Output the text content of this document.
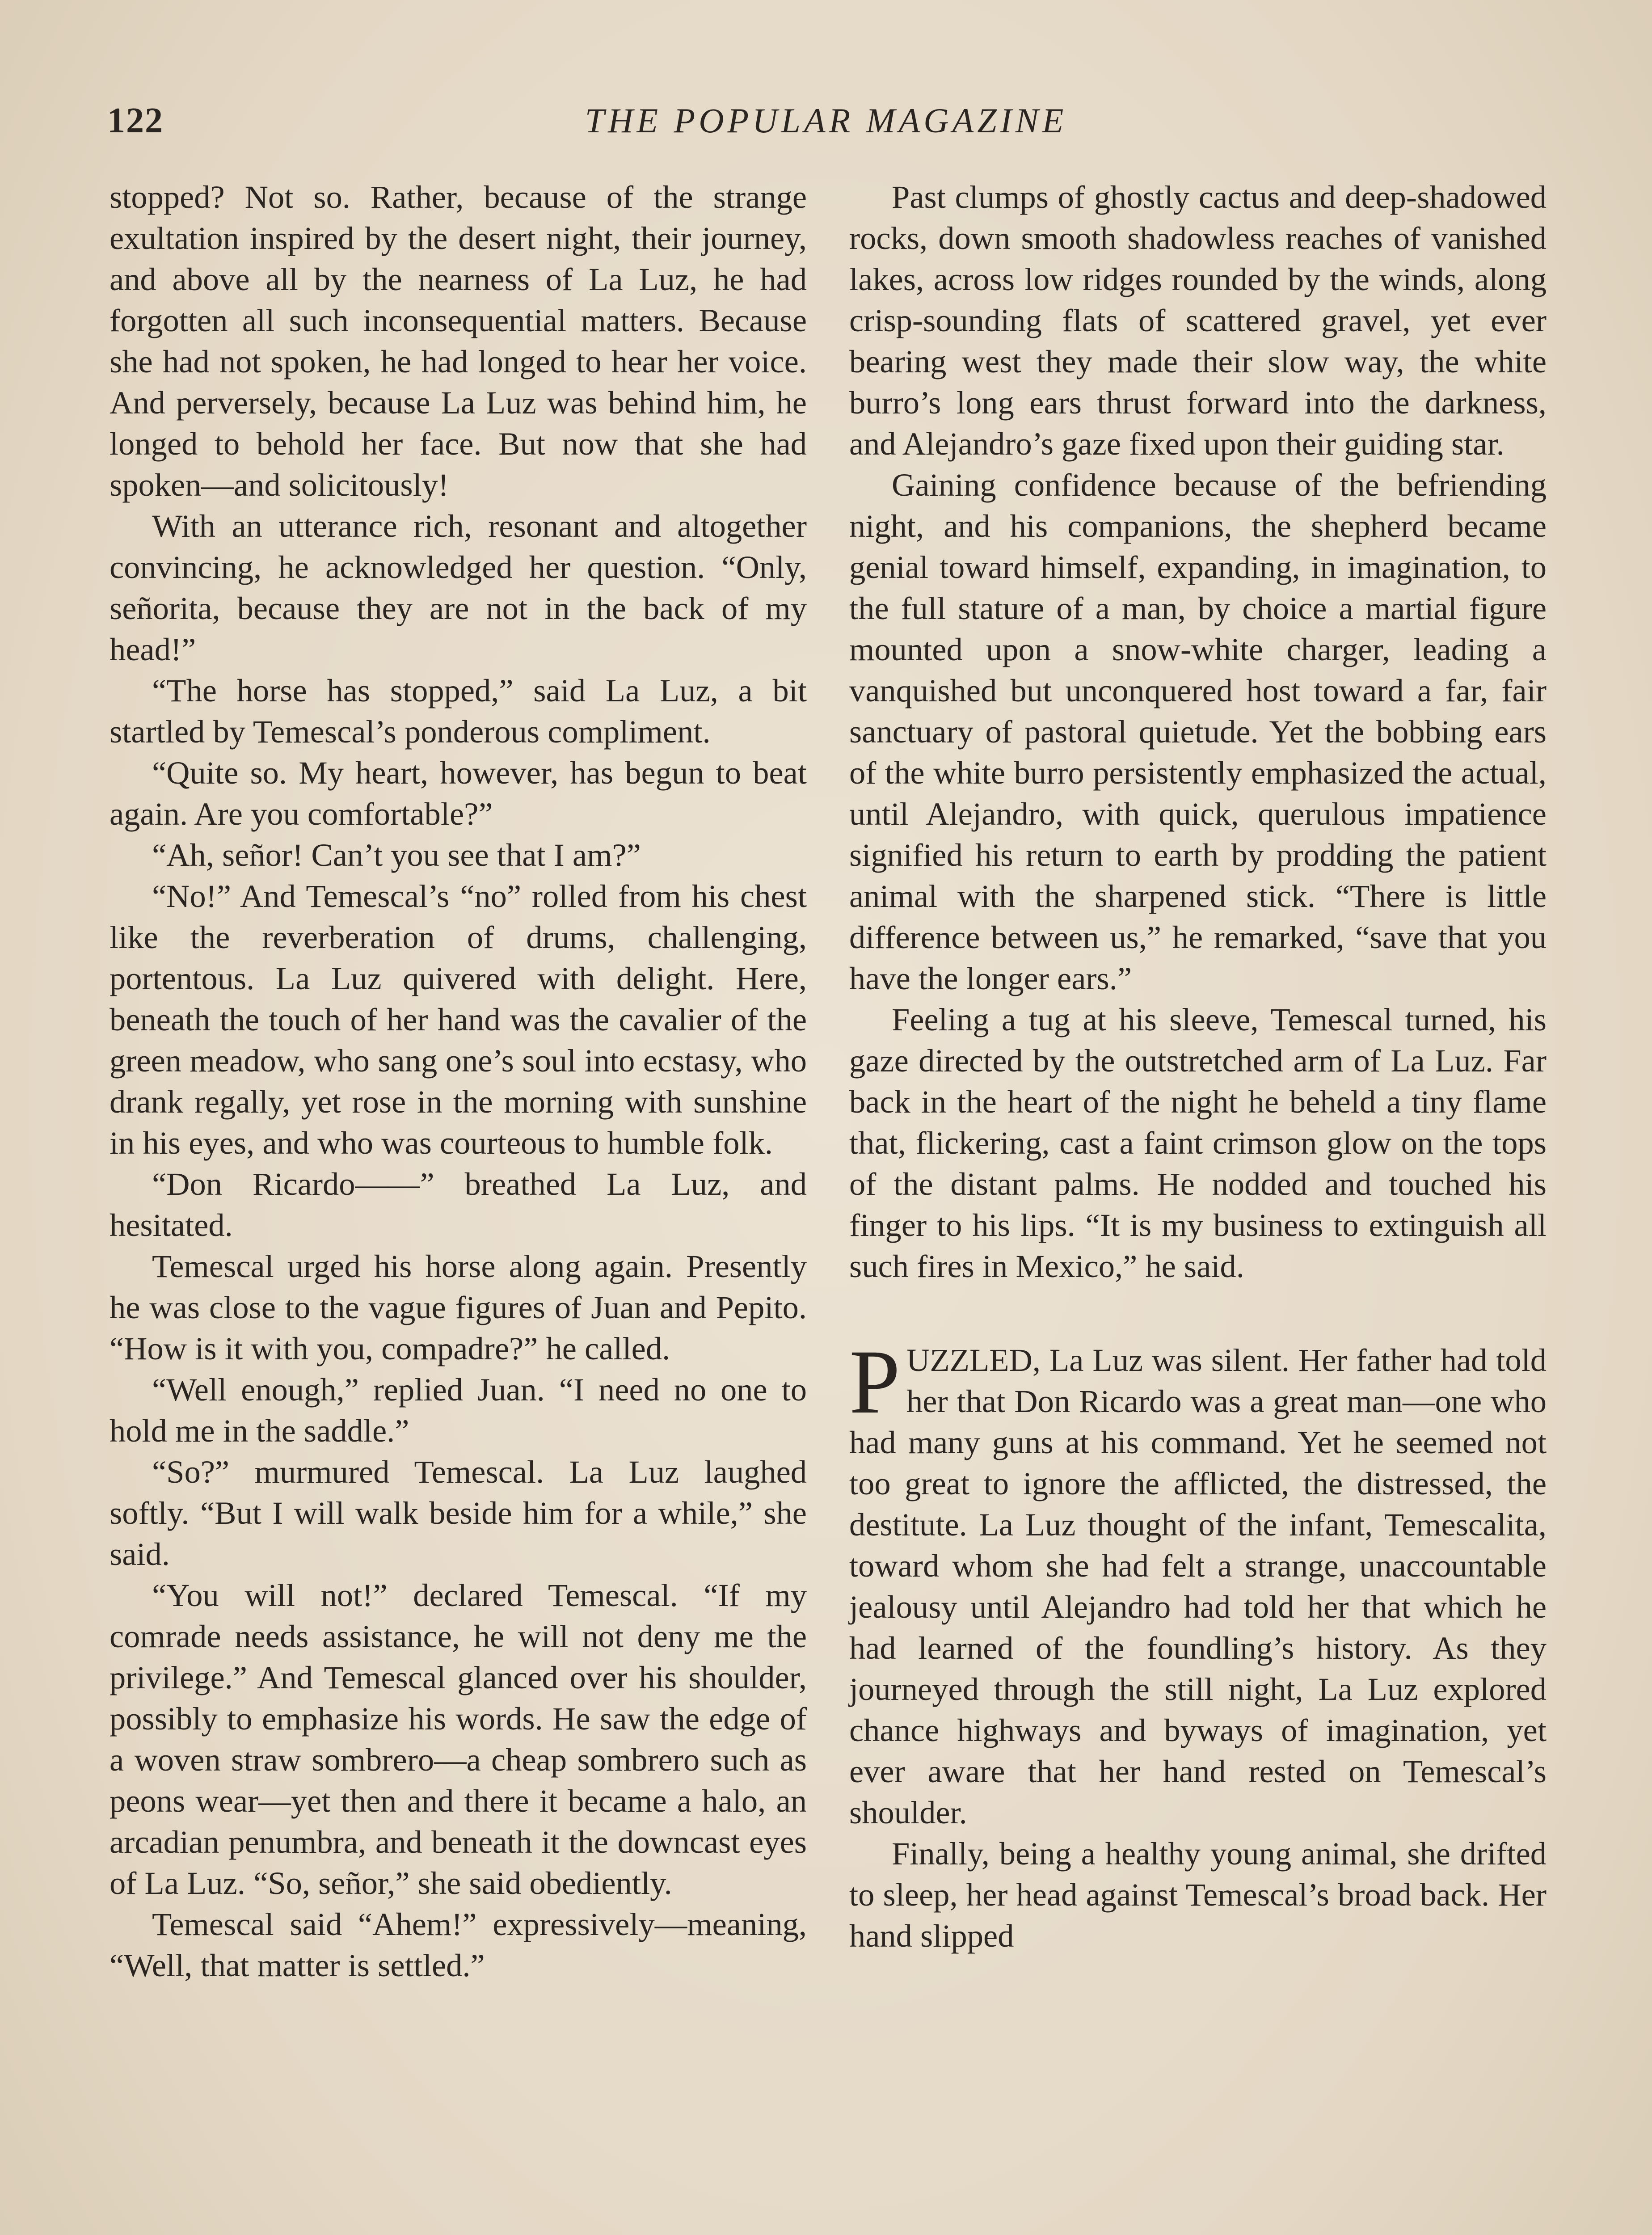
122	THE POPULAR MAGAZINE

stopped? Not so. Rather, because of the strange exultation inspired by the desert night, their journey, and above all by the nearness of La Luz, he had forgotten all such inconsequential matters. Because she had not spoken, he had longed to hear her voice. And perversely, because La Luz was behind him, he longed to behold her face. But now that she had spoken—and solicitously!

With an utterance rich, resonant and altogether convincing, he acknowledged her question. “Only, señorita, because they are not in the back of my head!”

“The horse has stopped,” said La Luz, a bit startled by Temescal’s ponderous compliment.

“Quite so. My heart, however, has begun to beat again. Are you comfortable?”

“Ah, señor! Can’t you see that I am?”

“No!” And Temescal’s “no” rolled from his chest like the reverberation of drums, challenging, portentous. La Luz quivered with delight. Here, beneath the touch of her hand was the cavalier of the green meadow, who sang one’s soul into ecstasy, who drank regally, yet rose in the morning with sunshine in his eyes, and who was courteous to humble folk.

“Don Ricardo——” breathed La Luz, and hesitated.

Temescal urged his horse along again. Presently he was close to the vague figures of Juan and Pepito. “How is it with you, compadre?” he called.

“Well enough,” replied Juan. “I need no one to hold me in the saddle.”

“So?” murmured Temescal. La Luz laughed softly. “But I will walk beside him for a while,” she said.

“You will not!” declared Temescal. “If my comrade needs assistance, he will not deny me the privilege.” And Temescal glanced over his shoulder, possibly to emphasize his words. He saw the edge of a woven straw sombrero—a cheap sombrero such as peons wear—yet then and there it became a halo, an arcadian penumbra, and beneath it the downcast eyes of La Luz. “So, señor,” she said obediently.

Temescal said “Ahem!” expressively—meaning, “Well, that matter is settled.”

Past clumps of ghostly cactus and deep-shadowed rocks, down smooth shadowless reaches of vanished lakes, across low ridges rounded by the winds, along crisp-sounding flats of scattered gravel, yet ever bearing west they made their slow way, the white burro’s long ears thrust forward into the darkness, and Alejandro’s gaze fixed upon their guiding star.

Gaining confidence because of the befriending night, and his companions, the shepherd became genial toward himself, expanding, in imagination, to the full stature of a man, by choice a martial figure mounted upon a snow-white charger, leading a vanquished but unconquered host toward a far, fair sanctuary of pastoral quietude. Yet the bobbing ears of the white burro persistently emphasized the actual, until Alejandro, with quick, querulous impatience signified his return to earth by prodding the patient animal with the sharpened stick. “There is little difference between us,” he remarked, “save that you have the longer ears.”

Feeling a tug at his sleeve, Temescal turned, his gaze directed by the outstretched arm of La Luz. Far back in the heart of the night he beheld a tiny flame that, flickering, cast a faint crimson glow on the tops of the distant palms. He nodded and touched his finger to his lips. “It is my business to extinguish all such fires in Mexico,” he said.

PUZZLED, La Luz was silent. Her father had told her that Don Ricardo was a great man—one who had many guns at his command. Yet he seemed not too great to ignore the afflicted, the distressed, the destitute. La Luz thought of the infant, Temescalita, toward whom she had felt a strange, unaccountable jealousy until Alejandro had told her that which he had learned of the foundling’s history. As they journeyed through the still night, La Luz explored chance highways and byways of imagination, yet ever aware that her hand rested on Temescal’s shoulder.

Finally, being a healthy young animal, she drifted to sleep, her head against Temescal’s broad back. Her hand slipped
